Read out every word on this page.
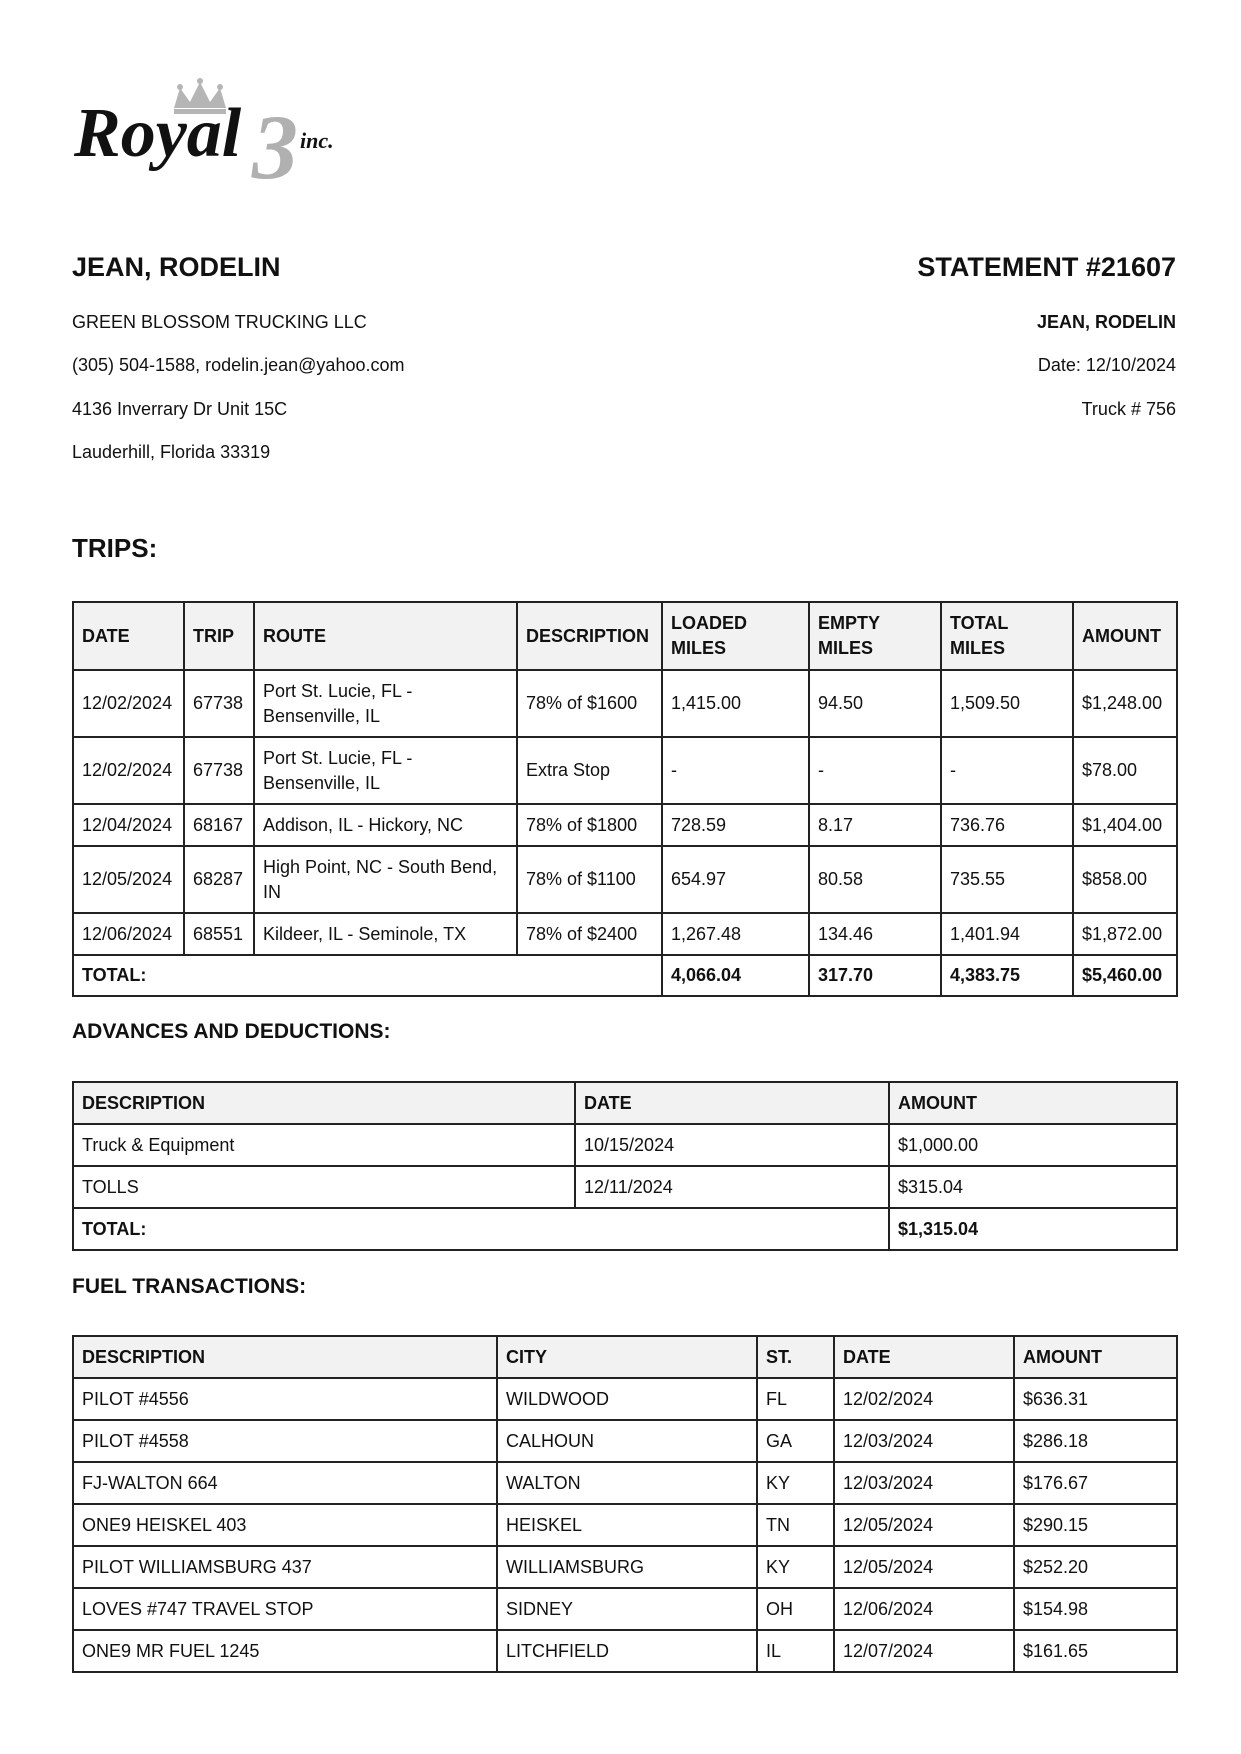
3
Royal	inc.
JEAN, RODELIN

GREEN BLOSSOM TRUCKING LLC

(305) 504-1588, rodelin.jean@yahoo.com

4136 Inverrary Dr Unit 15C

Lauderhill, Florida 33319

STATEMENT #21607

JEAN, RODELIN

Date: 12/10/2024

Truck # 756

TRIPS:
DATE	TRIP	ROUTE	DESCRIPTION	LOADED MILES	EMPTY MILES	TOTAL MILES	AMOUNT
12/02/2024	67738	Port St. Lucie, FL - Bensenville, IL	78% of $1600	1,415.00	94.50	1,509.50	$1,248.00
12/02/2024	67738	Port St. Lucie, FL - Bensenville, IL	Extra Stop	-	-	-	$78.00
12/04/2024	68167	Addison, IL - Hickory, NC	78% of $1800	728.59	8.17	736.76	$1,404.00
12/05/2024	68287	High Point, NC - South Bend, IN	78% of $1100	654.97	80.58	735.55	$858.00
12/06/2024	68551	Kildeer, IL - Seminole, TX	78% of $2400	1,267.48	134.46	1,401.94	$1,872.00
TOTAL:				4,066.04	317.70	4,383.75	$5,460.00
ADVANCES AND DEDUCTIONS:
DESCRIPTION	DATE	AMOUNT
Truck & Equipment	10/15/2024	$1,000.00
TOLLS	12/11/2024	$315.04
TOTAL:		$1,315.04
FUEL TRANSACTIONS:
DESCRIPTION	CITY	ST.	DATE	AMOUNT
PILOT #4556	WILDWOOD	FL	12/02/2024	$636.31
PILOT #4558	CALHOUN	GA	12/03/2024	$286.18
FJ-WALTON 664	WALTON	KY	12/03/2024	$176.67
ONE9 HEISKEL 403	HEISKEL	TN	12/05/2024	$290.15
PILOT WILLIAMSBURG 437	WILLIAMSBURG	KY	12/05/2024	$252.20
LOVES #747 TRAVEL STOP	SIDNEY	OH	12/06/2024	$154.98
ONE9 MR FUEL 1245	LITCHFIELD	IL	12/07/2024	$161.65
